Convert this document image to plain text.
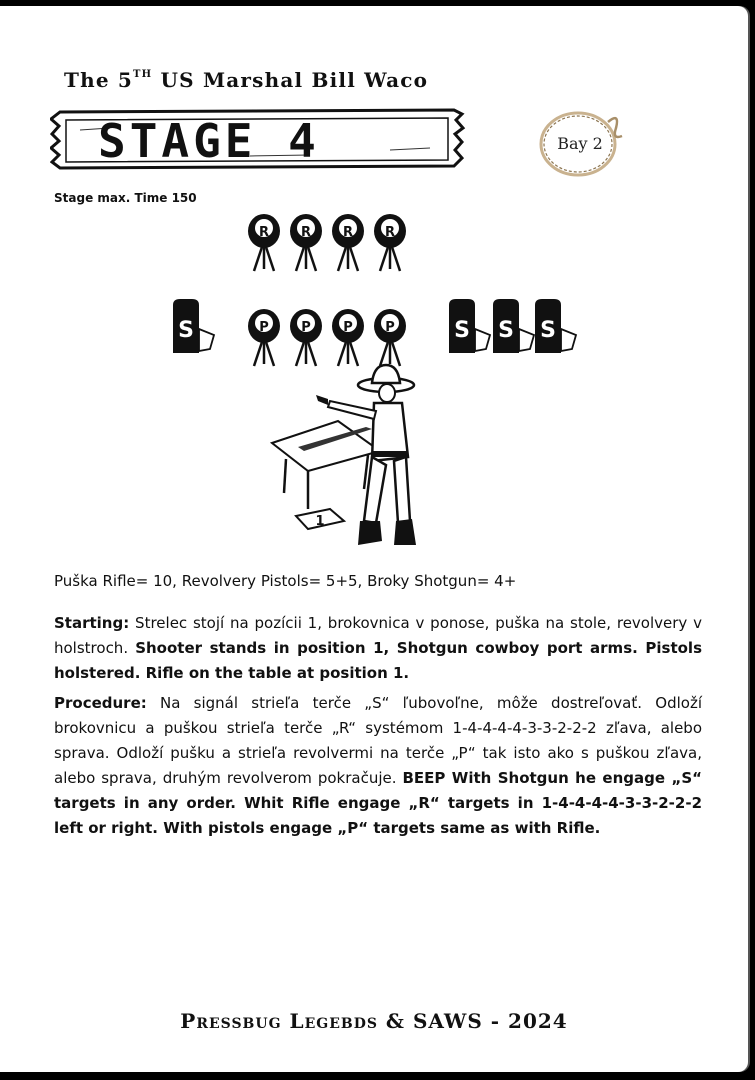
The 5TH US Marshal Bill Waco
STAGE 4	Bay 2
Stage max. Time 150
R R R R
P P P P
S	S S S
1

Puška Rifle= 10, Revolvery Pistols= 5+5, Broky Shotgun= 4+

Starting: Strelec stojí na pozícii 1, brokovnica v ponose, puška na stole, revolvery v holstroch. Shooter stands in position 1, Shotgun cowboy port arms. Pistols holstered. Rifle on the table at position 1.

Procedure: Na signál strieľa terče „S“ ľubovoľne, môže dostreľovať. Odloží brokovnicu a puškou strieľa terče „R“ systémom 1-4-4-4-4-3-3-2-2-2 zľava, alebo sprava. Odloží pušku a strieľa revolvermi na terče „P“ tak isto ako s puškou zľava, alebo sprava, druhým revolverom pokračuje. BEEP With Shotgun he engage „S“ targets in any order. Whit Rifle engage „R“ targets in 1-4-4-4-4-3-3-2-2-2 left or right. With pistols engage „P“ targets same as with Rifle.

Pressbug Legebds & SAWS - 2024
